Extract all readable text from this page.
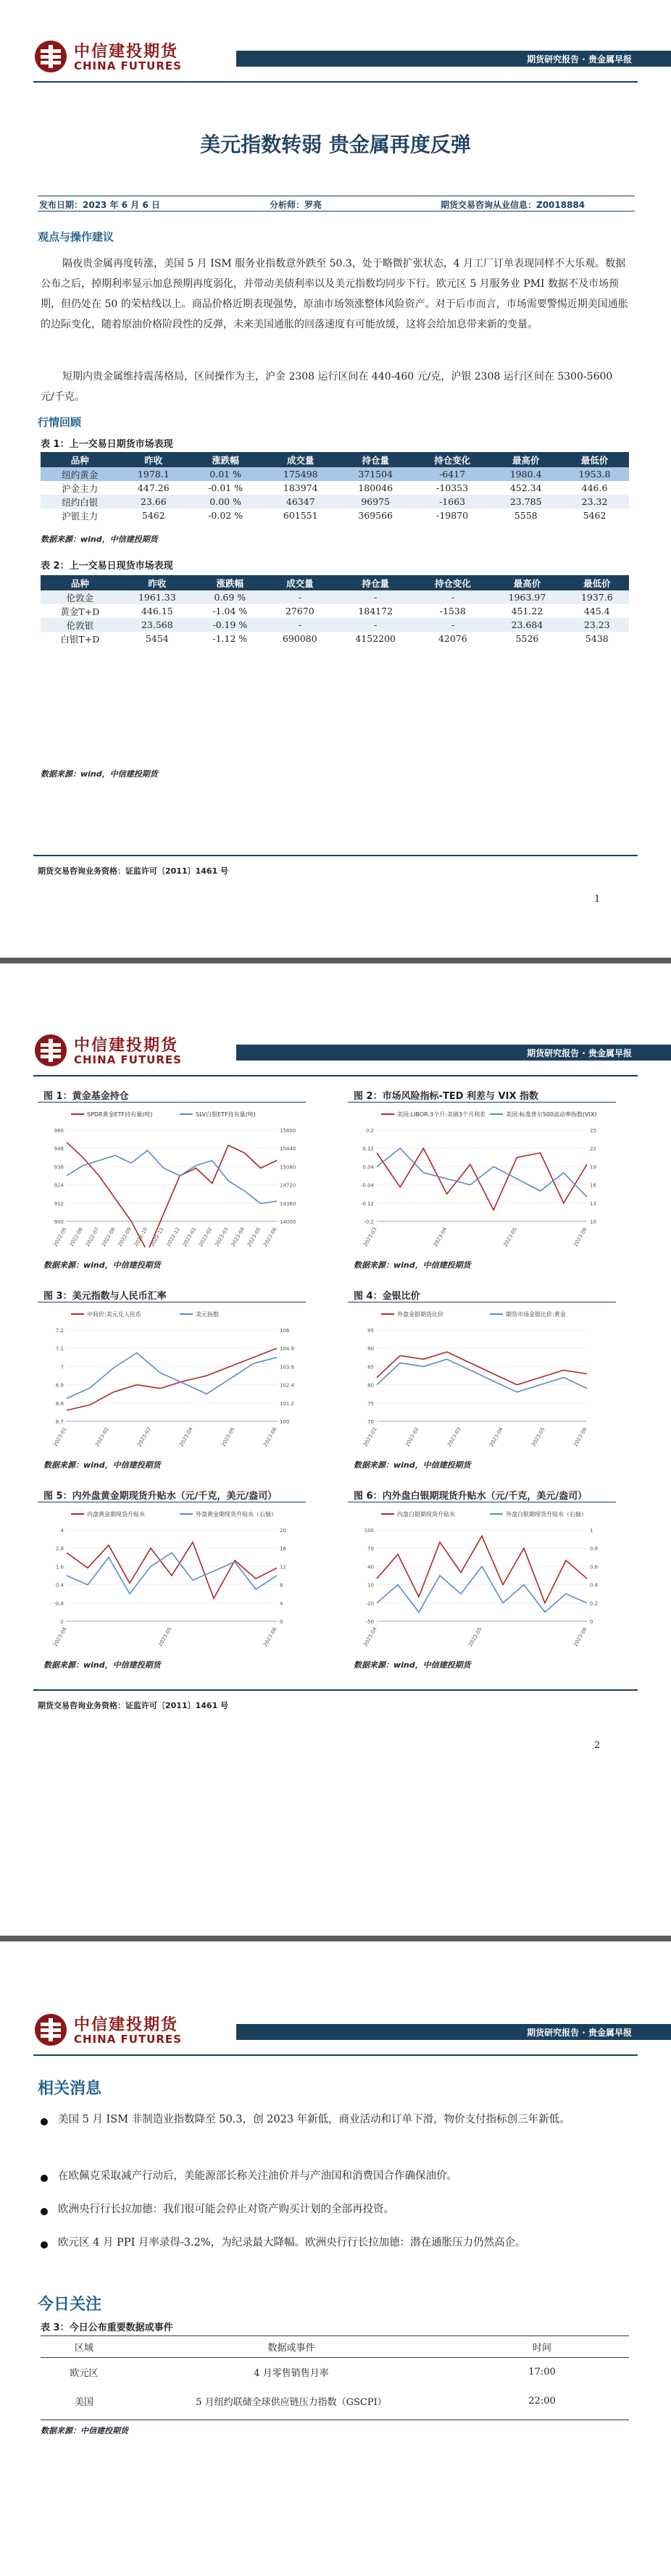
中信建投期货
CHINA FUTURES	期货研究报告 · 贵金属早报
美元指数转弱 贵金属再度反弹
发布日期：2023 年 6 月 6 日	分析师：罗亮	期货交易咨询从业信息：Z0018884
观点与操作建议
隔夜贵金属再度转涨，美国 5 月 ISM 服务业指数意外跌至 50.3，处于略微扩张状态，4 月工厂订单表现同样不大乐观。数据公布之后，掉期利率显示加息预期再度弱化，并带动美债利率以及美元指数均同步下行。欧元区 5 月服务业 PMI 数据不及市场预期，但仍处在 50 的荣枯线以上。商品价格近期表现强势，原油市场领涨整体风险资产。对于后市而言，市场需要警惕近期美国通胀的边际变化，随着原油价格阶段性的反弹，未来美国通胀的回落速度有可能放缓，这将会给加息带来新的变量。
短期内贵金属维持震荡格局，区间操作为主，沪金 2308 运行区间在 440-460 元/克，沪银 2308 运行区间在 5300-5600 元/千克。
行情回顾
表 1：上一交易日期货市场表现
品种	昨收	涨跌幅	成交量	持仓量	持仓变化	最高价	最低价
纽约黄金	1978.1	0.01 %	175498	371504	-6417	1980.4	1953.8
沪金主力	447.26	-0.01 %	183974	180046	-10353	452.34	446.6
纽约白银	23.66	0.00 %	46347	96975	-1663	23.785	23.32
沪银主力	5462	-0.02 %	601551	369566	-19870	5558	5462
数据来源：wind，中信建投期货
表 2：上一交易日现货市场表现
品种	昨收	涨跌幅	成交量	持仓量	持仓变化	最高价	最低价
伦敦金	1961.33	0.69 %	-	-	-	1963.97	1937.6
黄金T+D	446.15	-1.04 %	27670	184172	-1538	451.22	445.4
伦敦银	23.568	-0.19 %	-	-	-	23.684	23.23
白银T+D	5454	-1.12 %	690080	4152200	42076	5526	5438
数据来源：wind，中信建投期货
期货交易咨询业务资格：证监许可〔2011〕1461 号
1
中信建投期货
CHINA FUTURES	期货研究报告 · 贵金属早报
图 1：黄金基金持仓
SPDR黄金ETF持有量(吨)	SLV白银ETF持有量(吨)
960	15800
948	15440
936	15080
924	14720
912	14360
900	14000
2022-05 2022-06 2022-07 2022-08 2022-09 2022-10 2022-11 2022-12 2023-01 2023-02 2023-03 2023-04 2023-05 2023-06
数据来源：wind，中信建投期货
图 2：市场风险指标-TED 利差与 VIX 指数
美国:LIBOR:3个月:美债3个月利差	美国:标准普尔500波动率指数(VIX)
0.2	25
0.12	22
0.04	19
-0.04	16
-0.12	13
-0.2	10
2023-03	2023-04	2023-05	2023-06
数据来源：wind，中信建投期货
图 3：美元指数与人民币汇率
中间价:美元兑人民币	美元指数
7.2	106
7.1	104.8
7	103.6
6.9	102.4
6.8	101.2
6.7	100
2023-01	2023-02	2023-03	2023-04	2023-05	2023-06
数据来源：wind，中信建投期货
图 4：金银比价
外盘金银期货比价	期货市场金银比价:黄金
95
90
85
80
75
70
2023-01	2023-02	2023-03	2023-04	2023-05	2023-06
数据来源：wind，中信建投期货
图 5：内外盘黄金期现货升贴水（元/千克，美元/盎司）
内盘黄金期现货升贴水	外盘黄金期现货升贴水（右轴）
4	20
2.8	16
1.6	12
0.4	8
-0.8	4
-2	0
2023-04	2023-05	2023-06
数据来源：wind，中信建投期货
图 6：内外盘白银期现货升贴水（元/千克，美元/盎司）
内盘白银期现货升贴水	外盘白银期现货升贴水（右轴）
100	1
70	0.8
40	0.6
10	0.4
-20	0.2
-50	0
2023-04	2023-05	2023-06
数据来源：wind，中信建投期货
期货交易咨询业务资格：证监许可〔2011〕1461 号
2
中信建投期货
CHINA FUTURES	期货研究报告 · 贵金属早报
相关消息
美国 5 月 ISM 非制造业指数降至 50.3，创 2023 年新低，商业活动和订单下滑，物价支付指标创三年新低。
在欧佩克采取减产行动后，美能源部长称关注油价并与产油国和消费国合作确保油价。
欧洲央行行长拉加德：我们很可能会停止对资产购买计划的全部再投资。
欧元区 4 月 PPI 月率录得-3.2%，为纪录最大降幅。欧洲央行行长拉加德：潜在通胀压力仍然高企。
今日关注
表 3：今日公布重要数据或事件
区域	数据或事件	时间
欧元区	4 月零售销售月率	17:00
美国	5 月纽约联储全球供应链压力指数（GSCPI）	22:00
数据来源：中信建投期货
